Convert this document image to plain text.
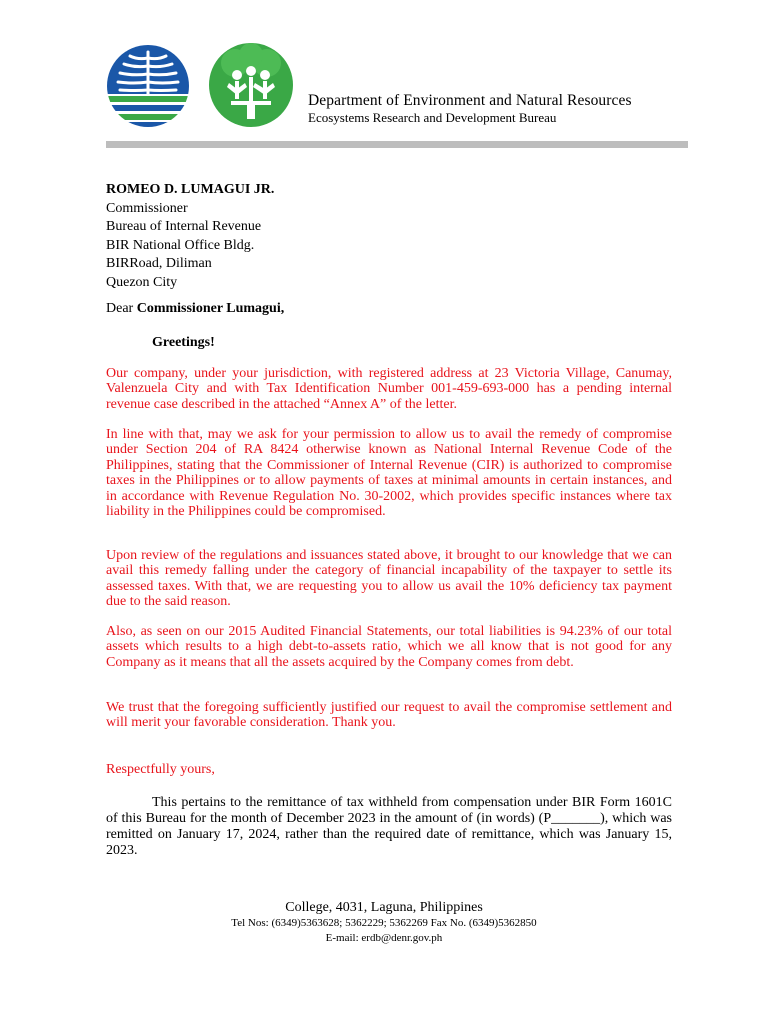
Department of Environment and Natural Resources
Ecosystems Research and Development Bureau
ROMEO D. LUMAGUI JR.
Commissioner
Bureau of Internal Revenue
BIR National Office Bldg.
BIRRoad, Diliman
Quezon City
Dear Commissioner Lumagui,
Greetings!

Our company, under your jurisdiction, with registered address at 23 Victoria Village, Canumay, Valenzuela City and with Tax Identification Number 001-459-693-000 has a pending internal revenue case described in the attached “Annex A” of the letter.

In line with that, may we ask for your permission to allow us to avail the remedy of compromise under Section 204 of RA 8424 otherwise known as National Internal Revenue Code of the Philippines, stating that the Commissioner of Internal Revenue (CIR) is authorized to compromise taxes in the Philippines or to allow payments of taxes at minimal amounts in certain instances, and in accordance with Revenue Regulation No. 30-2002, which provides specific instances where tax liability in the Philippines could be compromised.

Upon review of the regulations and issuances stated above, it brought to our knowledge that we can avail this remedy falling under the category of financial incapability of the taxpayer to settle its assessed taxes. With that, we are requesting you to allow us avail the 10% deficiency tax payment due to the said reason.

Also, as seen on our 2015 Audited Financial Statements, our total liabilities is 94.23% of our total assets which results to a high debt-to-assets ratio, which we all know that is not good for any Company as it means that all the assets acquired by the Company comes from debt.

We trust that the foregoing sufficiently justified our request to avail the compromise settlement and will merit your favorable consideration. Thank you.

Respectfully yours,

This pertains to the remittance of tax withheld from compensation under BIR Form 1601C of this Bureau for the month of December 2023 in the amount of (in words) (P_______), which was remitted on January 17, 2024, rather than the required date of remittance, which was January 15, 2023.

College, 4031, Laguna, Philippines
Tel Nos: (6349)5363628; 5362229; 5362269 Fax No. (6349)5362850
E-mail: erdb@denr.gov.ph
